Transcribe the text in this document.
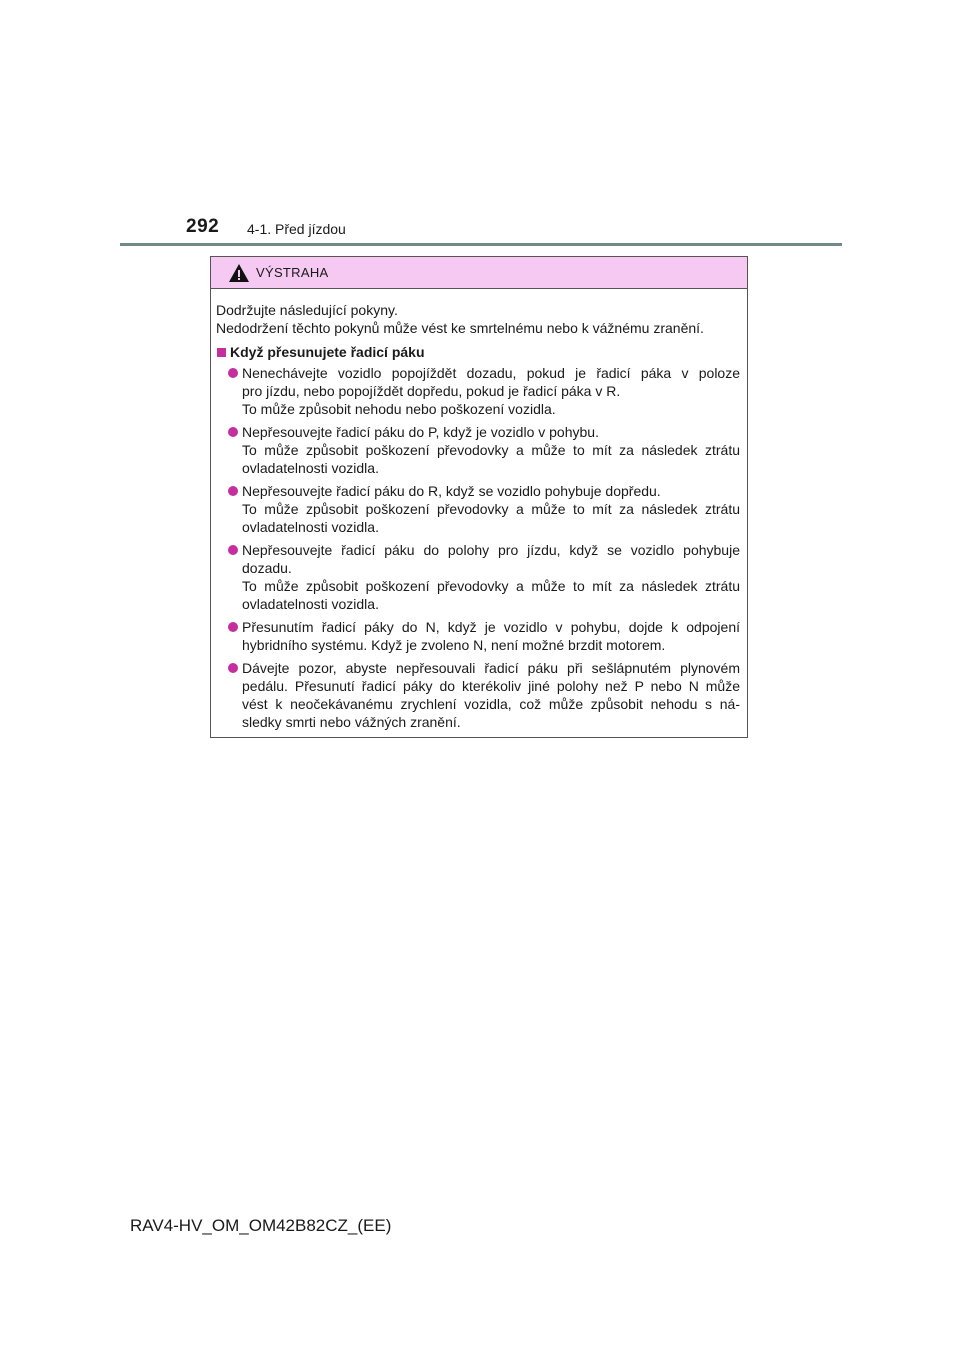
292 4-1. Před jízdou
VÝSTRAHA

Dodržujte následující pokyny.

Nedodržení těchto pokynů může vést ke smrtelnému nebo k vážnému zranění.

Když přesunujete řadicí páku
Nenechávejte vozidlo popojíždět dozadu, pokud je řadicí páka v poloze
pro jízdu, nebo popojíždět dopředu, pokud je řadicí páka v R.
To může způsobit nehodu nebo poškození vozidla.
Nepřesouvejte řadicí páku do P, když je vozidlo v pohybu.
To může způsobit poškození převodovky a může to mít za následek ztrátu
ovladatelnosti vozidla.
Nepřesouvejte řadicí páku do R, když se vozidlo pohybuje dopředu.
To může způsobit poškození převodovky a může to mít za následek ztrátu
ovladatelnosti vozidla.
Nepřesouvejte řadicí páku do polohy pro jízdu, když se vozidlo pohybuje
dozadu.
To může způsobit poškození převodovky a může to mít za následek ztrátu
ovladatelnosti vozidla.
Přesunutím řadicí páky do N, když je vozidlo v pohybu, dojde k odpojení
hybridního systému. Když je zvoleno N, není možné brzdit motorem.
Dávejte pozor, abyste nepřesouvali řadicí páku při sešlápnutém plynovém
pedálu. Přesunutí řadicí páky do kterékoliv jiné polohy než P nebo N může
vést k neočekávanému zrychlení vozidla, což může způsobit nehodu s ná-
sledky smrti nebo vážných zranění.
RAV4-HV_OM_OM42B82CZ_(EE)
